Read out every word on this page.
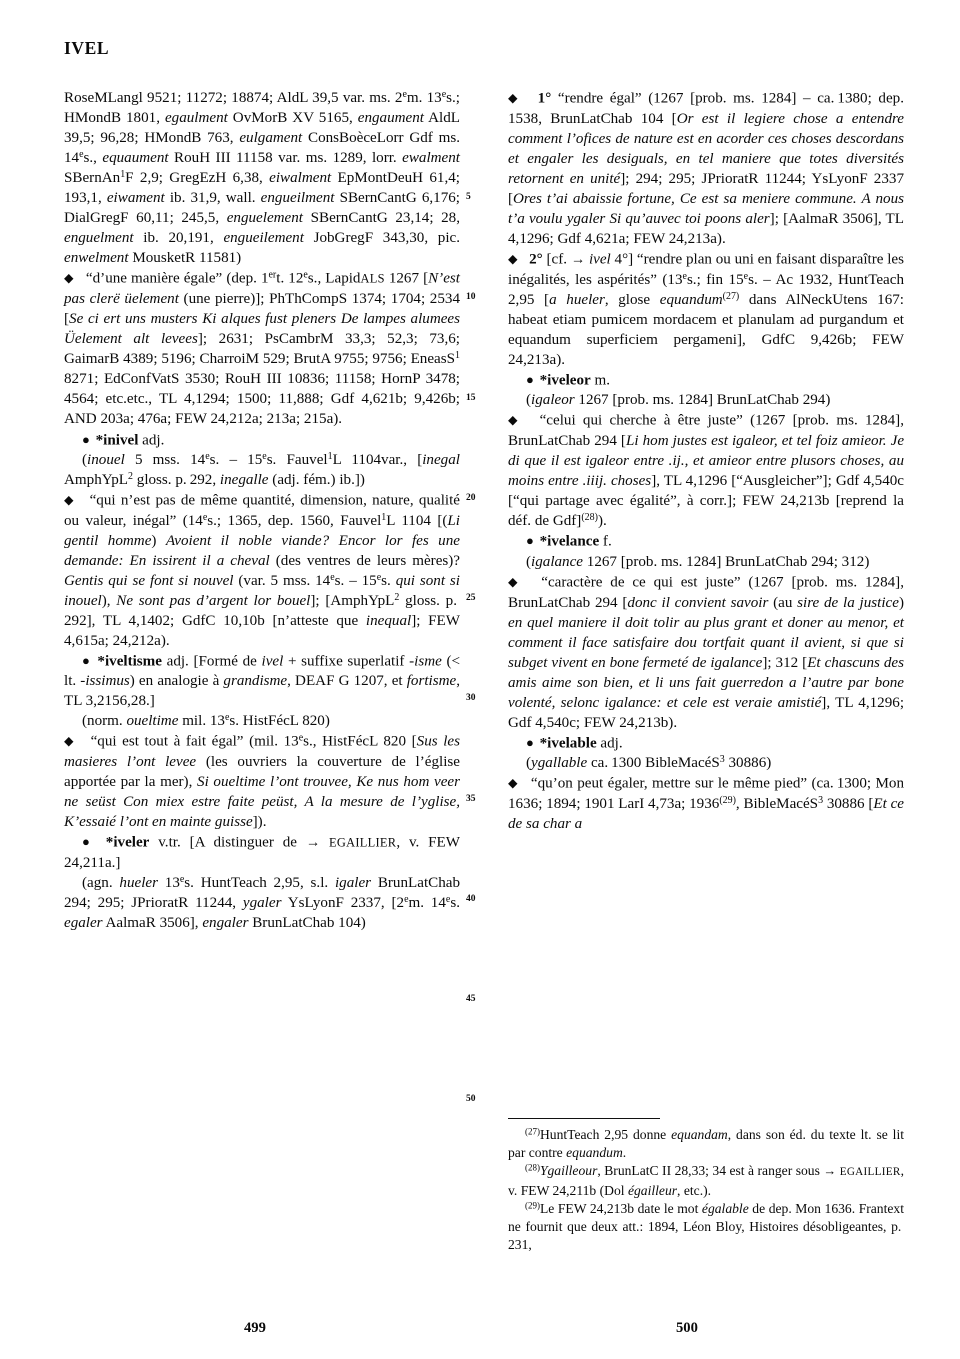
IVEL
5
10
15
20
25
30
35
40
45
50

RoseMLangl 9521; 11272; 18874; AldL 39,5 var. ms. 2em. 13es.; HMondB 1801, egaulment OvMorB XV 5165, engaument AldL 39,5; 96,28; HMondB 763, eulgament ConsBoèceLorr Gdf ms. 14es., equaument RouH III 11158 var. ms. 1289, lorr. ewalment SBernAn$^1$F 2,9; GregEzH 6,38, eiwalment EpMontDeuH 61,4; 193,1, eiwament ib. 31,9, wall. engueilment SBernCantG 6,176; DialGregF 60,11; 245,5, enguelement SBernCantG 23,14; 28, enguelment ib. 20,191, engueilement JobGregF 343,30, pic. enwelment MousketR 11581)

◆  “d’une manière égale” (dep. 1ert. 12es., LapidALS 1267 [N’est pas clerë üelement (une pierre)]; PhThCompS 1374; 1704; 2534 [Se ci ert uns musters Ki alques fust pleners De lampes alumees Üelement alt levees]; 2631; PsCambrM 33,3; 52,3; 73,6; GaimarB 4389; 5196; CharroiM 529; BrutA 9755; 9756; EneasS$^1$ 8271; EdConfVatS 3530; RouH III 10836; 11158; HornP 3478; 4564; etc.etc., TL 4,1294; 1500; 11,888; Gdf 4,621b; 9,426b; AND 203a; 476a; FEW 24,212a; 213a; 215a).

● *inivel adj.

(inouel 5 mss. 14es. – 15es. Fauvel$^1$L 1104var., [inegal AmphYpL$^2$ gloss. p. 292, inegalle (adj. fém.) ib.])

◆  “qui n’est pas de même quantité, dimension, nature, qualité ou valeur, inégal” (14es.; 1365, dep. 1560, Fauvel$^1$L 1104 [(Li gentil homme) Avoient il noble viande? Encor lor fes une demande: En issirent il a cheval (des ventres de leurs mères)? Gentis qui se font si nouvel (var. 5 mss. 14es. – 15es. qui sont si inouel), Ne sont pas d’argent lor bouel]; [AmphYpL$^2$ gloss. p. 292], TL 4,1402; GdfC 10,10b [n’atteste que inequal]; FEW 4,615a; 24,212a).

● *iveltisme adj. [Formé de ivel + suffixe superlatif -isme (< lt. -issimus) en analogie à grandisme, DEAF G 1207, et fortisme, TL 3,2156,28.]

(norm. oueltime mil. 13es. HistFécL 820)

◆  “qui est tout à fait égal” (mil. 13es., HistFécL 820 [Sus les masieres l’ont levee (les ouvriers la couverture de l’église apportée par la mer), Si oueltime l’ont trouvee, Ke nus hom veer ne seüst Con miex estre faite peüst, A la mesure de l’yglise, K’essaié l’ont en mainte guisse]).

● *iveler v.tr. [A distinguer de → EGAILLIER, v. FEW 24,211a.]

(agn. hueler 13es. HuntTeach 2,95, s.l. igaler BrunLatChab 294; 295; JPrioratR 11244, ygaler YsLyonF 2337, [2em. 14es. egaler AalmaR 3506], engaler BrunLatChab 104)

◆ 1° “rendre égal” (1267 [prob. ms. 1284] – ca. 1380; dep. 1538, BrunLatChab 104 [Or est il legiere chose a entendre comment l’ofices de nature est en acorder ces choses descordans et engaler les desiguals, en tel maniere que totes diversités retornent en unité]; 294; 295; JPrioratR 11244; YsLyonF 2337 [Ores t’ai abaissie fortune, Ce est sa meniere commune. A nous t’a voulu ygaler Si qu’auvec toi poons aler]; [AalmaR 3506], TL 4,1296; Gdf 4,621a; FEW 24,213a).

◆ 2° [cf. → ivel 4°] “rendre plan ou uni en faisant disparaître les inégalités, les aspérités” (13es.; fin 15es. – Ac 1932, HuntTeach 2,95 [a hueler, glose equandum$^{(27)}$ dans AlNeckUtens 167: habeat etiam pumicem mordacem et planulam ad purgandum et equandum superficiem pergameni], GdfC 9,426b; FEW 24,213a).

● *iveleor m.

(igaleor 1267 [prob. ms. 1284] BrunLatChab 294)

◆  “celui qui cherche à être juste” (1267 [prob. ms. 1284], BrunLatChab 294 [Li hom justes est igaleor, et tel foiz amieor. Je di que il est igaleor entre .ij., et amieor entre plusors choses, au moins entre .iiij. choses], TL 4,1296 [“Ausgleicher”]; Gdf 4,540c [“qui partage avec égalité”, à corr.]; FEW 24,213b [reprend la déf. de Gdf]$^{(28)}$).

● *ivelance f.

(igalance 1267 [prob. ms. 1284] BrunLatChab 294; 312)

◆  “caractère de ce qui est juste” (1267 [prob. ms. 1284], BrunLatChab 294 [donc il convient savoir (au sire de la justice) en quel maniere il doit tolir au plus grant et doner au menor, et comment il face satisfaire dou tortfait quant il avient, si que si subget vivent en bone fermeté de igalance]; 312 [Et chascuns des amis aime son bien, et li uns fait guerredon a l’autre par bone volenté, selonc igalance: et cele est veraie amistié], TL 4,1296; Gdf 4,540c; FEW 24,213b).

● *ivelable adj.

(ygallable ca. 1300 BibleMacéS$^3$ 30886)

◆  “qu’on peut égaler, mettre sur le même pied” (ca. 1300; Mon 1636; 1894; 1901 LarI 4,73a; 1936$^{(29)}$, BibleMacéS$^3$ 30886 [Et ce de sa char a

$^{(27)}$HuntTeach 2,95 donne equandam, dans son éd. du texte lt. se lit par contre equandum.

$^{(28)}$Ygailleour, BrunLatC II 28,33; 34 est à ranger sous → EGAILLIER, v. FEW 24,211b (Dol égailleur, etc.).

$^{(29)}$Le FEW 24,213b date le mot égalable de dep. Mon 1636. Frantext ne fournit que deux att.: 1894, Léon Bloy, Histoires désobligeantes, p. 231,

499	500
